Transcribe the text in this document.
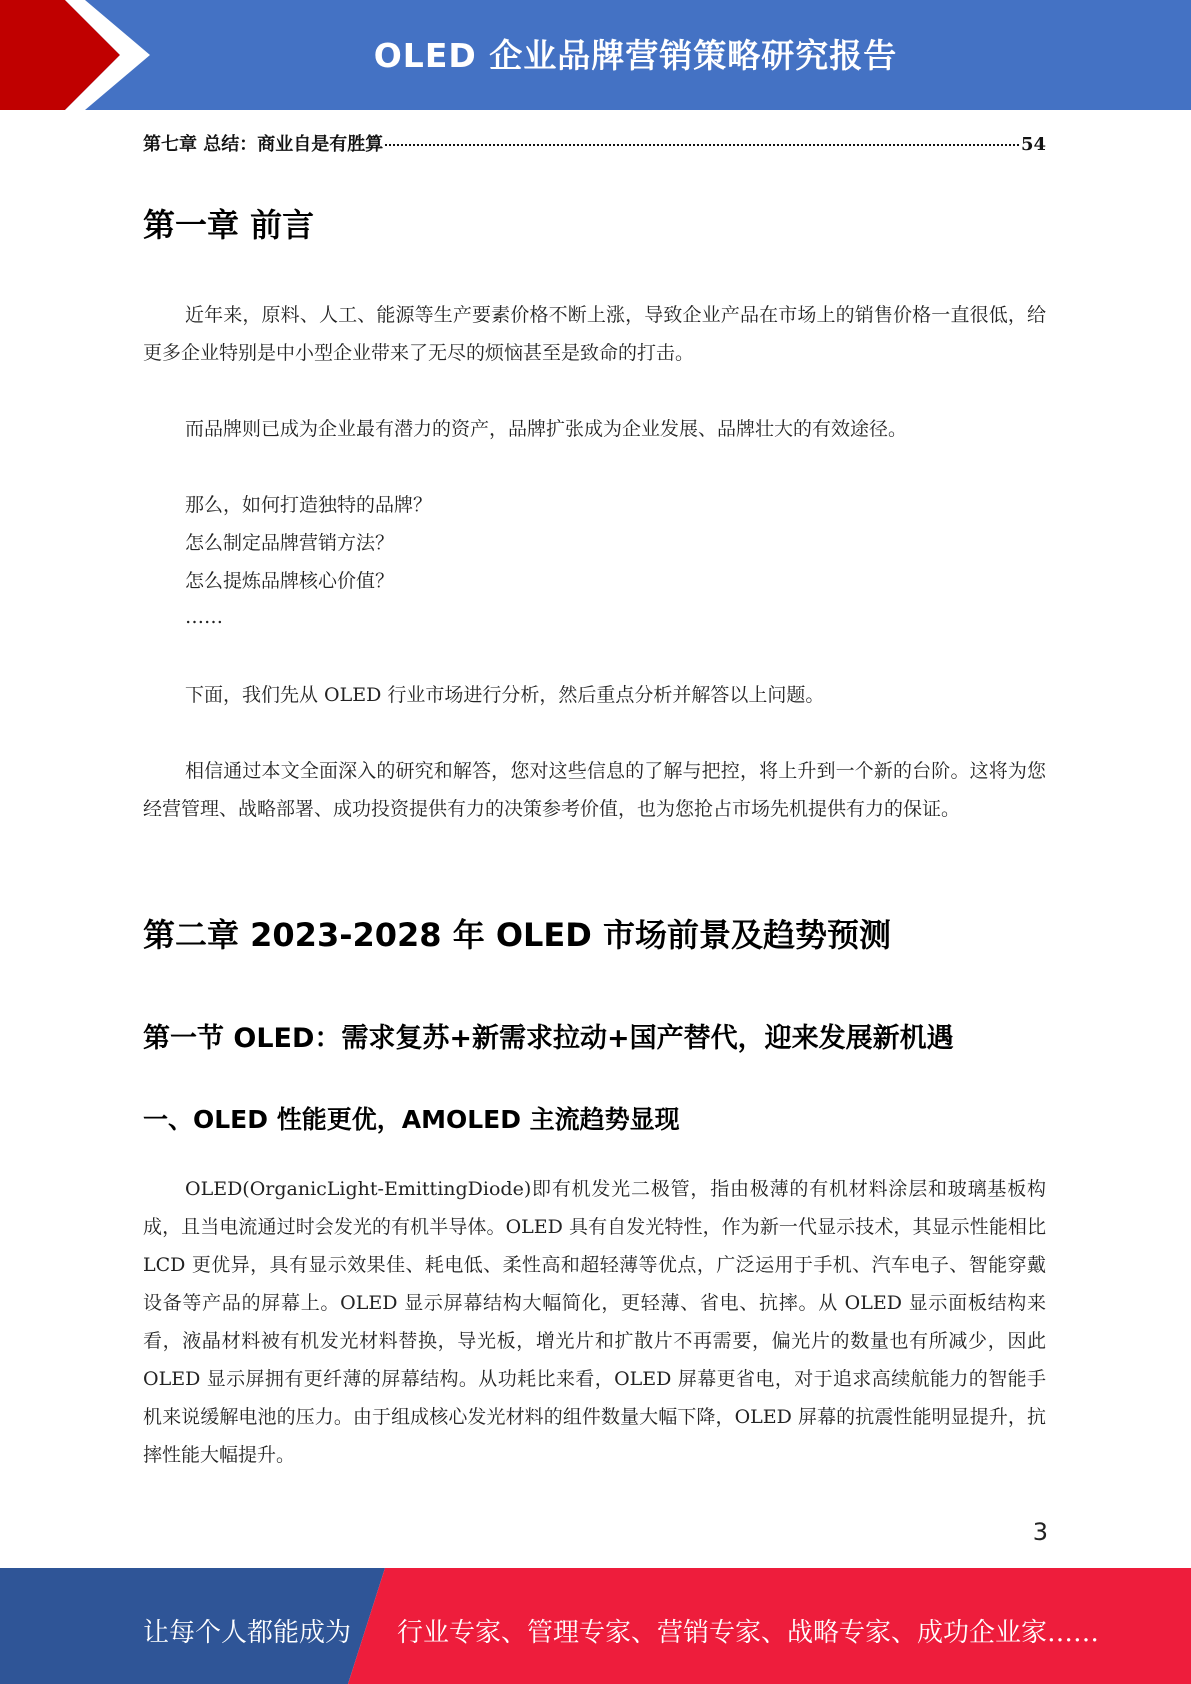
OLED 企业品牌营销策略研究报告
第七章 总结：商业自是有胜算	54
第一章 前言

近年来，原料、人工、能源等生产要素价格不断上涨，导致企业产品在市场上的销售价格一直很低，给更多企业特别是中小型企业带来了无尽的烦恼甚至是致命的打击。

而品牌则已成为企业最有潜力的资产，品牌扩张成为企业发展、品牌壮大的有效途径。

那么，如何打造独特的品牌？

怎么制定品牌营销方法？

怎么提炼品牌核心价值？

……

下面，我们先从 OLED 行业市场进行分析，然后重点分析并解答以上问题。

相信通过本文全面深入的研究和解答，您对这些信息的了解与把控，将上升到一个新的台阶。这将为您经营管理、战略部署、成功投资提供有力的决策参考价值，也为您抢占市场先机提供有力的保证。

第二章 2023-2028 年 OLED 市场前景及趋势预测
第一节 OLED：需求复苏+新需求拉动+国产替代，迎来发展新机遇
一、OLED 性能更优，AMOLED 主流趋势显现

OLED(OrganicLight-EmittingDiode)即有机发光二极管，指由极薄的有机材料涂层和玻璃基板构成，且当电流通过时会发光的有机半导体。OLED 具有自发光特性，作为新一代显示技术，其显示性能相比 LCD 更优异，具有显示效果佳、耗电低、柔性高和超轻薄等优点，广泛运用于手机、汽车电子、智能穿戴设备等产品的屏幕上。OLED 显示屏幕结构大幅简化，更轻薄、省电、抗摔。从 OLED 显示面板结构来看，液晶材料被有机发光材料替换，导光板，增光片和扩散片不再需要，偏光片的数量也有所减少，因此 OLED 显示屏拥有更纤薄的屏幕结构。从功耗比来看，OLED 屏幕更省电，对于追求高续航能力的智能手机来说缓解电池的压力。由于组成核心发光材料的组件数量大幅下降，OLED 屏幕的抗震性能明显提升，抗摔性能大幅提升。

3
让每个人都能成为 行业专家、管理专家、营销专家、战略专家、成功企业家……
